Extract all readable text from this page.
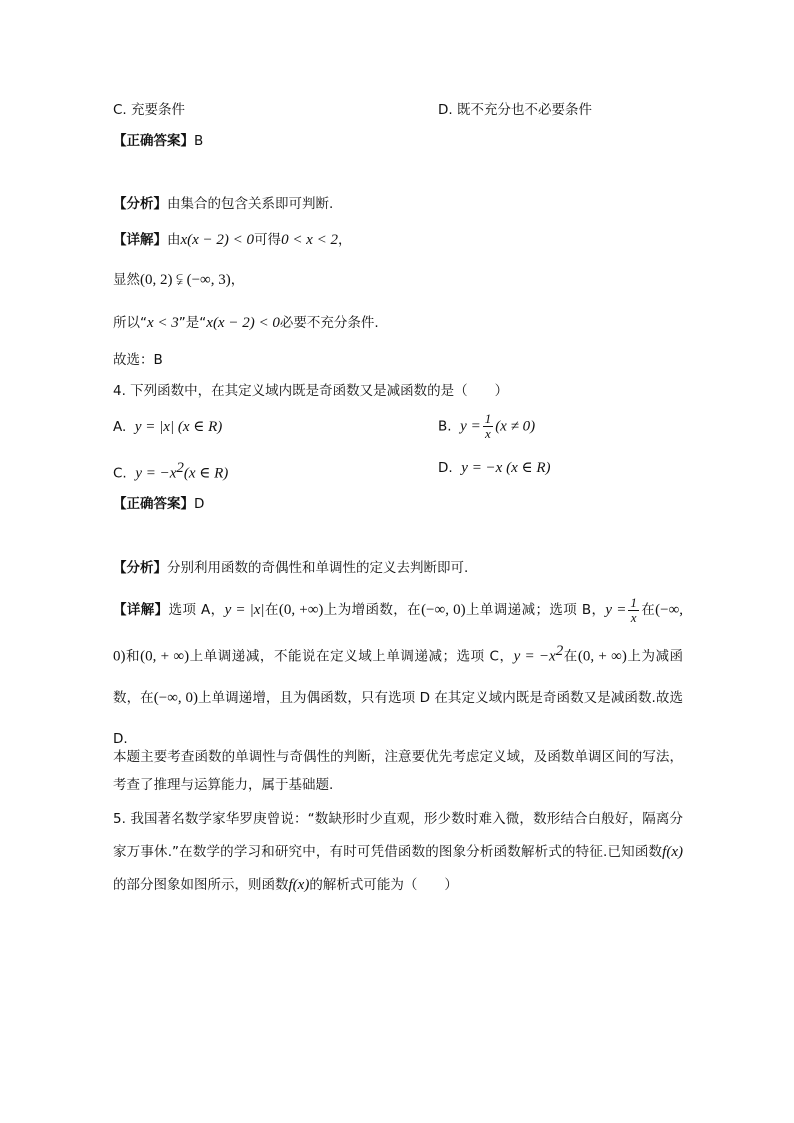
C. 充要条件	D. 既不充分也不必要条件
【正确答案】B
【分析】由集合的包含关系即可判断.
【详解】由x(x − 2) < 0可得0 < x < 2，
显然(0, 2) ⫋ (−∞, 3)，
所以“x < 3”是“x(x − 2) < 0必要不充分条件.
故选：B
4. 下列函数中，在其定义域内既是奇函数又是减函数的是（　　）
A. y = |x| (x ∈ R)	B. $y = \frac{1}{x} (x \ne 0)$
C. $y = -x^2(x$ ∈ R)	D. y = −x (x ∈ R)
【正确答案】D
【分析】分别利用函数的奇偶性和单调性的定义去判断即可.
【详解】选项 A，y = |x|在(0, +∞)上为增函数，在(−∞, 0)上单调递减；选项 B，$y = \frac{1}{x}$ 在(−∞, 0)和(0, + ∞)上单调递减，不能说在定义域上单调递减；选项 C，$y = -x^2$在(0, + ∞)上为减函数，在(−∞, 0)上单调递增，且为偶函数，只有选项 D 在其定义域内既是奇函数又是减函数.故选 D.
本题主要考查函数的单调性与奇偶性的判断，注意要优先考虑定义域，及函数单调区间的写法，考查了推理与运算能力，属于基础题.
5. 我国著名数学家华罗庚曾说：“数缺形时少直观，形少数时难入微，数形结合白般好，隔离分家万事休.”在数学的学习和研究中，有时可凭借函数的图象分析函数解析式的特征.已知函数f(x)的部分图象如图所示，则函数f(x)的解析式可能为（　　）
